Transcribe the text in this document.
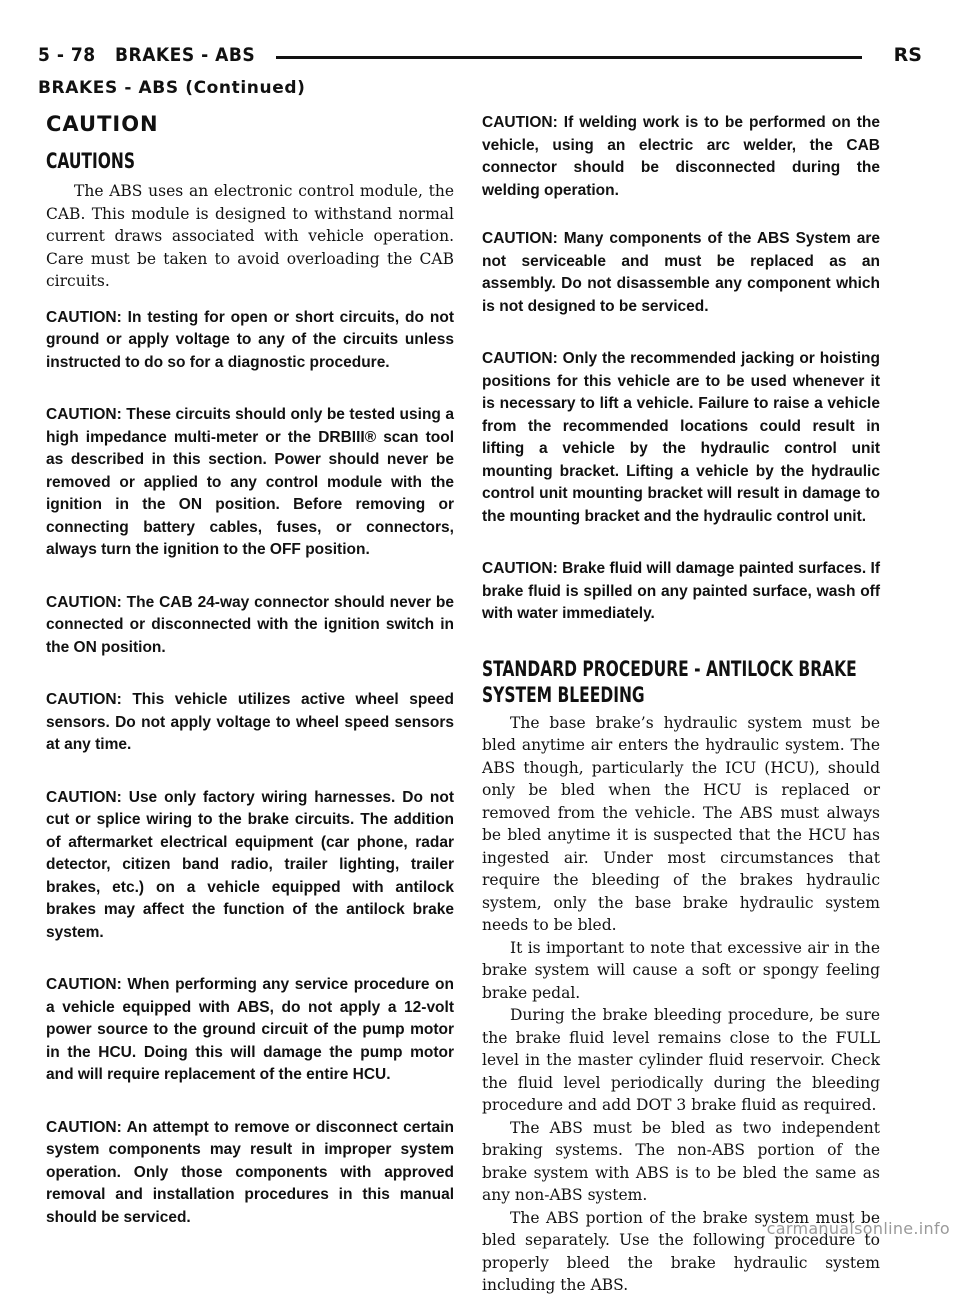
5 - 78   BRAKES - ABS	RS
BRAKES - ABS (Continued)
CAUTION
CAUTIONS

The ABS uses an electronic control module, the CAB. This module is designed to withstand normal current draws associated with vehicle operation. Care must be taken to avoid overloading the CAB circuits.

CAUTION: In testing for open or short circuits, do not ground or apply voltage to any of the circuits unless instructed to do so for a diagnostic procedure.

CAUTION: These circuits should only be tested using a high impedance multi-meter or the DRBIII® scan tool as described in this section. Power should never be removed or applied to any control module with the ignition in the ON position. Before removing or connecting battery cables, fuses, or connectors, always turn the ignition to the OFF position.

CAUTION: The CAB 24-way connector should never be connected or disconnected with the ignition switch in the ON position.

CAUTION: This vehicle utilizes active wheel speed sensors. Do not apply voltage to wheel speed sensors at any time.

CAUTION: Use only factory wiring harnesses. Do not cut or splice wiring to the brake circuits. The addition of aftermarket electrical equipment (car phone, radar detector, citizen band radio, trailer lighting, trailer brakes, etc.) on a vehicle equipped with antilock brakes may affect the function of the antilock brake system.

CAUTION: When performing any service procedure on a vehicle equipped with ABS, do not apply a 12-volt power source to the ground circuit of the pump motor in the HCU. Doing this will damage the pump motor and will require replacement of the entire HCU.

CAUTION: An attempt to remove or disconnect certain system components may result in improper system operation. Only those components with approved removal and installation procedures in this manual should be serviced.

CAUTION: If welding work is to be performed on the vehicle, using an electric arc welder, the CAB connector should be disconnected during the welding operation.

CAUTION: Many components of the ABS System are not serviceable and must be replaced as an assembly. Do not disassemble any component which is not designed to be serviced.

CAUTION: Only the recommended jacking or hoisting positions for this vehicle are to be used whenever it is necessary to lift a vehicle. Failure to raise a vehicle from the recommended locations could result in lifting a vehicle by the hydraulic control unit mounting bracket. Lifting a vehicle by the hydraulic control unit mounting bracket will result in damage to the mounting bracket and the hydraulic control unit.

CAUTION: Brake fluid will damage painted surfaces. If brake fluid is spilled on any painted surface, wash off with water immediately.

STANDARD PROCEDURE - ANTILOCK BRAKE
SYSTEM BLEEDING

The base brake’s hydraulic system must be bled anytime air enters the hydraulic system. The ABS though, particularly the ICU (HCU), should only be bled when the HCU is replaced or removed from the vehicle. The ABS must always be bled anytime it is suspected that the HCU has ingested air. Under most circumstances that require the bleeding of the brakes hydraulic system, only the base brake hydraulic system needs to be bled.

It is important to note that excessive air in the brake system will cause a soft or spongy feeling brake pedal.

During the brake bleeding procedure, be sure the brake fluid level remains close to the FULL level in the master cylinder fluid reservoir. Check the fluid level periodically during the bleeding procedure and add DOT 3 brake fluid as required.

The ABS must be bled as two independent braking systems. The non-ABS portion of the brake system with ABS is to be bled the same as any non-ABS system.

The ABS portion of the brake system must be bled separately. Use the following procedure to properly bleed the brake hydraulic system including the ABS.

carmanualsonline.info
